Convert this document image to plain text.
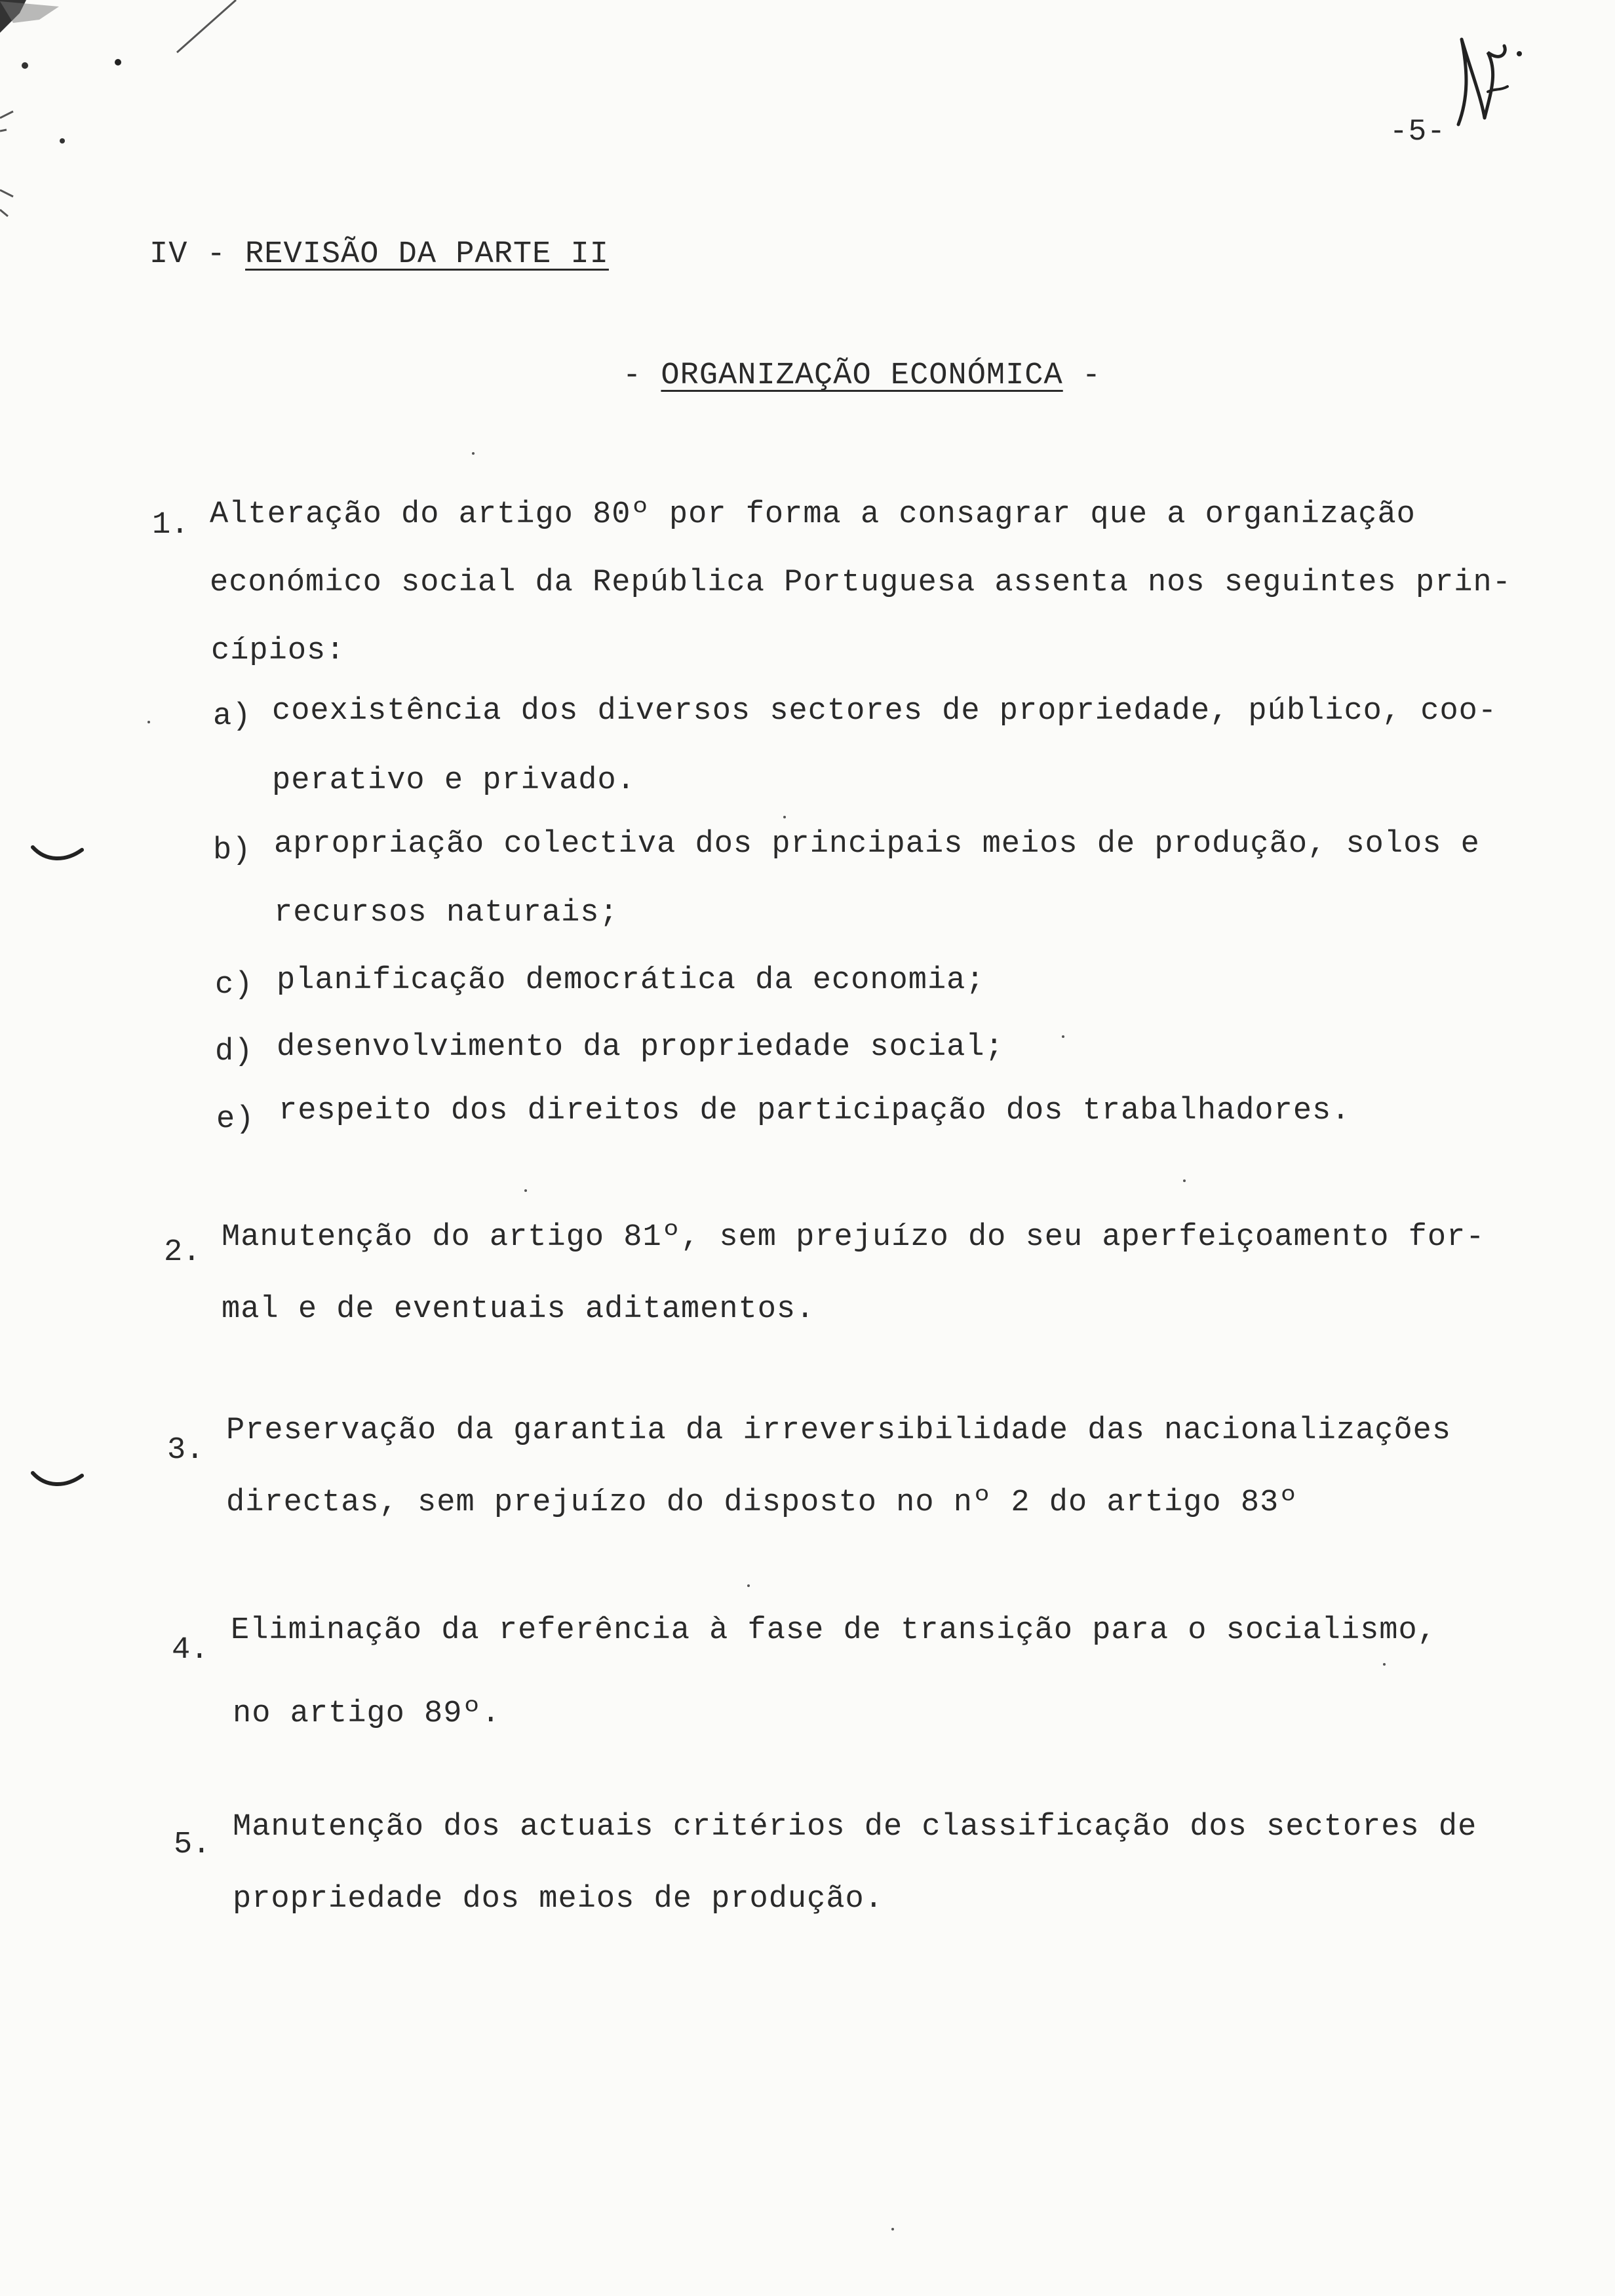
-5-
IV - REVISÃO DA PARTE II
- ORGANIZAÇÃO ECONÓMICA -
1. Alteração do artigo 80º por forma a consagrar que a organização
económico social da República Portuguesa assenta nos seguintes prin-
cípios:
a) coexistência dos diversos sectores de propriedade, público, coo-
perativo e privado.
b) apropriação colectiva dos principais meios de produção, solos e
recursos naturais;
c) planificação democrática da economia;
d) desenvolvimento da propriedade social;
e) respeito dos direitos de participação dos trabalhadores.
2. Manutenção do artigo 81º, sem prejuízo do seu aperfeiçoamento for-
mal e de eventuais aditamentos.
3.
Preservação da garantia da irreversibilidade das nacionalizações
directas, sem prejuízo do disposto no nº 2 do artigo 83º
4.
Eliminação da referência à fase de transição para o socialismo,
no artigo 89º.
5.
Manutenção dos actuais critérios de classificação dos sectores de
propriedade dos meios de produção.
